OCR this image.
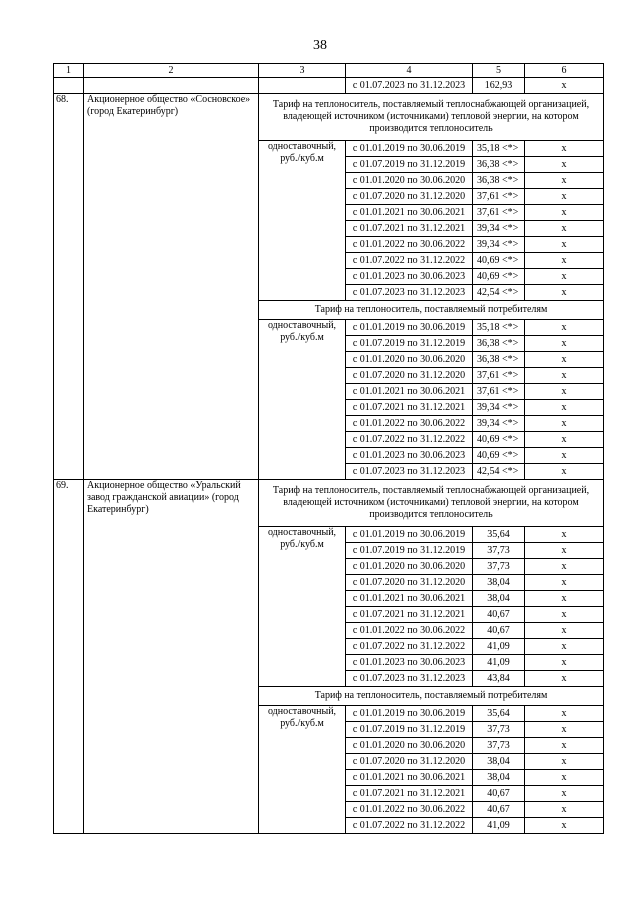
38
1	2	3	4	5	6
			с 01.07.2023 по 31.12.2023	162,93	x
68.	Акционерное общество «Сосновское» (город Екатеринбург)	Тариф на теплоноситель, поставляемый теплоснабжающей организацией, владеющей источником (источниками) тепловой энергии, на котором производится теплоноситель			
		одноставочный, руб./куб.м	с 01.01.2019 по 30.06.2019	35,18 <*>	x
			с 01.07.2019 по 31.12.2019	36,38 <*>	x
			с 01.01.2020 по 30.06.2020	36,38 <*>	x
			с 01.07.2020 по 31.12.2020	37,61 <*>	x
			с 01.01.2021 по 30.06.2021	37,61 <*>	x
			с 01.07.2021 по 31.12.2021	39,34 <*>	x
			с 01.01.2022 по 30.06.2022	39,34 <*>	x
			с 01.07.2022 по 31.12.2022	40,69 <*>	x
			с 01.01.2023 по 30.06.2023	40,69 <*>	x
			с 01.07.2023 по 31.12.2023	42,54 <*>	x
		Тариф на теплоноситель, поставляемый потребителям			
		одноставочный, руб./куб.м	с 01.01.2019 по 30.06.2019	35,18 <*>	x
			с 01.07.2019 по 31.12.2019	36,38 <*>	x
			с 01.01.2020 по 30.06.2020	36,38 <*>	x
			с 01.07.2020 по 31.12.2020	37,61 <*>	x
			с 01.01.2021 по 30.06.2021	37,61 <*>	x
			с 01.07.2021 по 31.12.2021	39,34 <*>	x
			с 01.01.2022 по 30.06.2022	39,34 <*>	x
			с 01.07.2022 по 31.12.2022	40,69 <*>	x
			с 01.01.2023 по 30.06.2023	40,69 <*>	x
			с 01.07.2023 по 31.12.2023	42,54 <*>	x
69.	Акционерное общество «Уральский завод гражданской авиации» (город Екатеринбург)	Тариф на теплоноситель, поставляемый теплоснабжающей организацией, владеющей источником (источниками) тепловой энергии, на котором производится теплоноситель			
		одноставочный, руб./куб.м	с 01.01.2019 по 30.06.2019	35,64	x
			с 01.07.2019 по 31.12.2019	37,73	x
			с 01.01.2020 по 30.06.2020	37,73	x
			с 01.07.2020 по 31.12.2020	38,04	x
			с 01.01.2021 по 30.06.2021	38,04	x
			с 01.07.2021 по 31.12.2021	40,67	x
			с 01.01.2022 по 30.06.2022	40,67	x
			с 01.07.2022 по 31.12.2022	41,09	x
			с 01.01.2023 по 30.06.2023	41,09	x
			с 01.07.2023 по 31.12.2023	43,84	x
		Тариф на теплоноситель, поставляемый потребителям			
		одноставочный, руб./куб.м	с 01.01.2019 по 30.06.2019	35,64	x
			с 01.07.2019 по 31.12.2019	37,73	x
			с 01.01.2020 по 30.06.2020	37,73	x
			с 01.07.2020 по 31.12.2020	38,04	x
			с 01.01.2021 по 30.06.2021	38,04	x
			с 01.07.2021 по 31.12.2021	40,67	x
			с 01.01.2022 по 30.06.2022	40,67	x
			с 01.07.2022 по 31.12.2022	41,09	x
